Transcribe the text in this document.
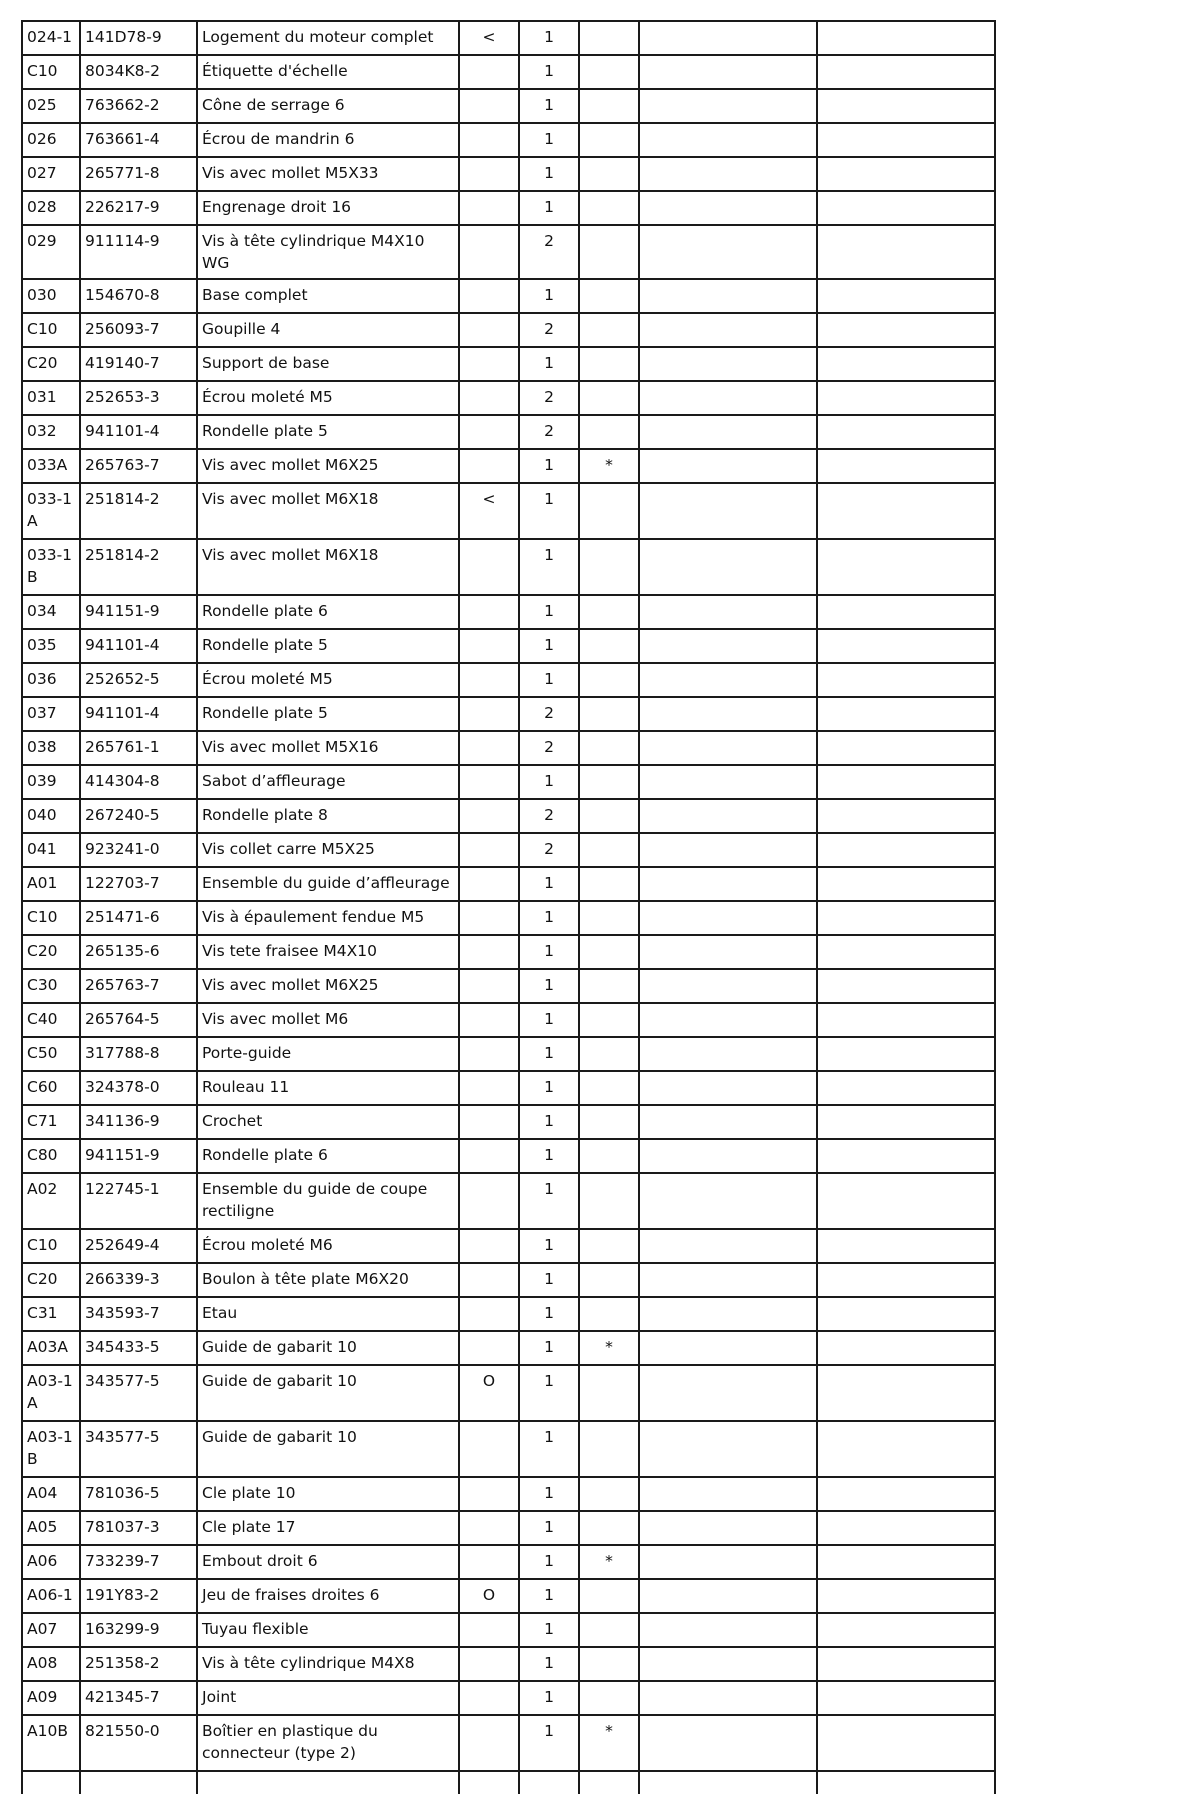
024-1	141D78-9	Logement du moteur complet	<	1			
C10	8034K8-2	Étiquette d'échelle		1			
025	763662-2	Cône de serrage 6		1			
026	763661-4	Écrou de mandrin 6		1			
027	265771-8	Vis avec mollet M5X33		1			
028	226217-9	Engrenage droit 16		1			
029	911114-9	Vis à tête cylindrique M4X10 WG		2			
030	154670-8	Base complet		1			
C10	256093-7	Goupille 4		2			
C20	419140-7	Support de base		1			
031	252653-3	Écrou moleté M5		2			
032	941101-4	Rondelle plate 5		2			
033A	265763-7	Vis avec mollet M6X25		1	*		
033-1A	251814-2	Vis avec mollet M6X18	<	1			
033-1B	251814-2	Vis avec mollet M6X18		1			
034	941151-9	Rondelle plate 6		1			
035	941101-4	Rondelle plate 5		1			
036	252652-5	Écrou moleté M5		1			
037	941101-4	Rondelle plate 5		2			
038	265761-1	Vis avec mollet M5X16		2			
039	414304-8	Sabot d’affleurage		1			
040	267240-5	Rondelle plate 8		2			
041	923241-0	Vis collet carre M5X25		2			
A01	122703-7	Ensemble du guide d’affleurage		1			
C10	251471-6	Vis à épaulement fendue M5		1			
C20	265135-6	Vis tete fraisee M4X10		1			
C30	265763-7	Vis avec mollet M6X25		1			
C40	265764-5	Vis avec mollet M6		1			
C50	317788-8	Porte-guide		1			
C60	324378-0	Rouleau 11		1			
C71	341136-9	Crochet		1			
C80	941151-9	Rondelle plate 6		1			
A02	122745-1	Ensemble du guide de coupe rectiligne		1			
C10	252649-4	Écrou moleté M6		1			
C20	266339-3	Boulon à tête plate M6X20		1			
C31	343593-7	Etau		1			
A03A	345433-5	Guide de gabarit 10		1	*		
A03-1A	343577-5	Guide de gabarit 10	O	1			
A03-1B	343577-5	Guide de gabarit 10		1			
A04	781036-5	Cle plate 10		1			
A05	781037-3	Cle plate 17		1			
A06	733239-7	Embout droit 6		1	*		
A06-1	191Y83-2	Jeu de fraises droites 6	O	1			
A07	163299-9	Tuyau flexible		1			
A08	251358-2	Vis à tête cylindrique M4X8		1			
A09	421345-7	Joint		1			
A10B	821550-0	Boîtier en plastique du connecteur (type 2)		1	*		
